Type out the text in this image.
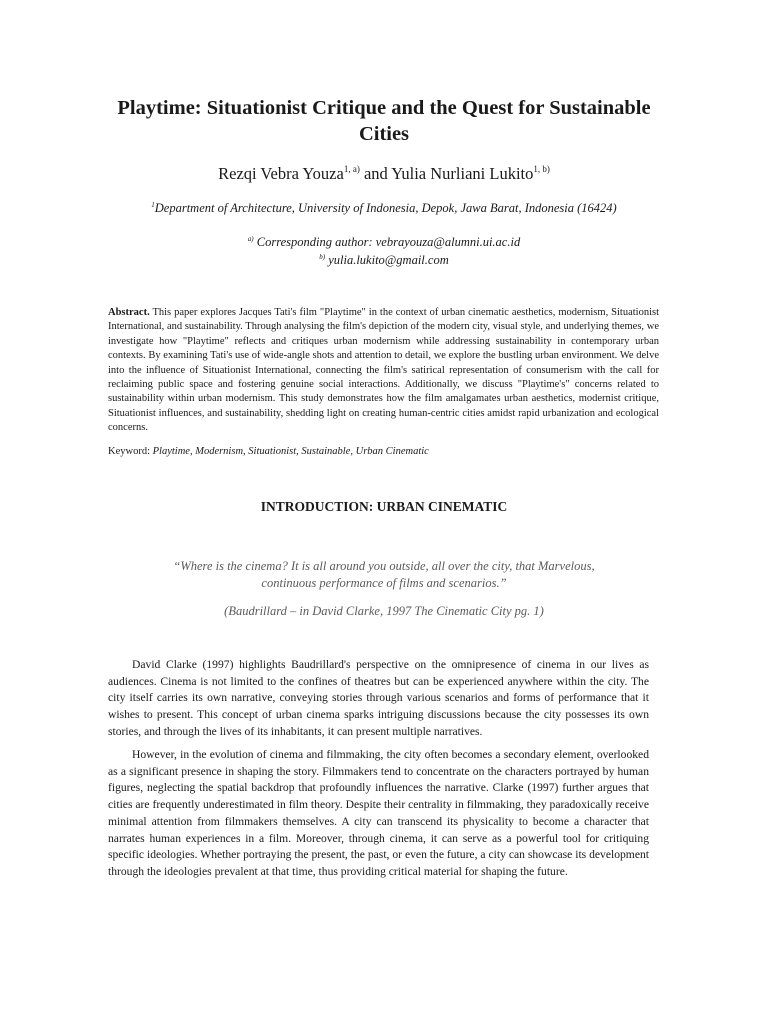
Playtime: Situationist Critique and the Quest for Sustainable Cities
Rezqi Vebra Youza$^{1, a)}$ and Yulia Nurliani Lukito$^{1, b)}$
$^1$Department of Architecture, University of Indonesia, Depok, Jawa Barat, Indonesia (16424)
$^{a)}$ Corresponding author: vebrayouza@alumni.ui.ac.id
$^{b)}$ yulia.lukito@gmail.com
Abstract. This paper explores Jacques Tati's film "Playtime" in the context of urban cinematic aesthetics, modernism, Situationist International, and sustainability. Through analysing the film's depiction of the modern city, visual style, and underlying themes, we investigate how "Playtime" reflects and critiques urban modernism while addressing sustainability in contemporary urban contexts. By examining Tati's use of wide-angle shots and attention to detail, we explore the bustling urban environment. We delve into the influence of Situationist International, connecting the film's satirical representation of consumerism with the call for reclaiming public space and fostering genuine social interactions. Additionally, we discuss "Playtime's" concerns related to sustainability within urban modernism. This study demonstrates how the film amalgamates urban aesthetics, modernist critique, Situationist influences, and sustainability, shedding light on creating human-centric cities amidst rapid urbanization and ecological concerns.
Keyword: Playtime, Modernism, Situationist, Sustainable, Urban Cinematic
INTRODUCTION: URBAN CINEMATIC
“Where is the cinema? It is all around you outside, all over the city, that Marvelous,
continuous performance of films and scenarios.”
(Baudrillard – in David Clarke, 1997 The Cinematic City pg. 1)
David Clarke (1997) highlights Baudrillard's perspective on the omnipresence of cinema in our lives as audiences. Cinema is not limited to the confines of theatres but can be experienced anywhere within the city. The city itself carries its own narrative, conveying stories through various scenarios and forms of performance that it wishes to present. This concept of urban cinema sparks intriguing discussions because the city possesses its own stories, and through the lives of its inhabitants, it can present multiple narratives.
However, in the evolution of cinema and filmmaking, the city often becomes a secondary element, overlooked as a significant presence in shaping the story. Filmmakers tend to concentrate on the characters portrayed by human figures, neglecting the spatial backdrop that profoundly influences the narrative. Clarke (1997) further argues that cities are frequently underestimated in film theory. Despite their centrality in filmmaking, they paradoxically receive minimal attention from filmmakers themselves. A city can transcend its physicality to become a character that narrates human experiences in a film. Moreover, through cinema, it can serve as a powerful tool for critiquing specific ideologies. Whether portraying the present, the past, or even the future, a city can showcase its development through the ideologies prevalent at that time, thus providing critical material for shaping the future.
